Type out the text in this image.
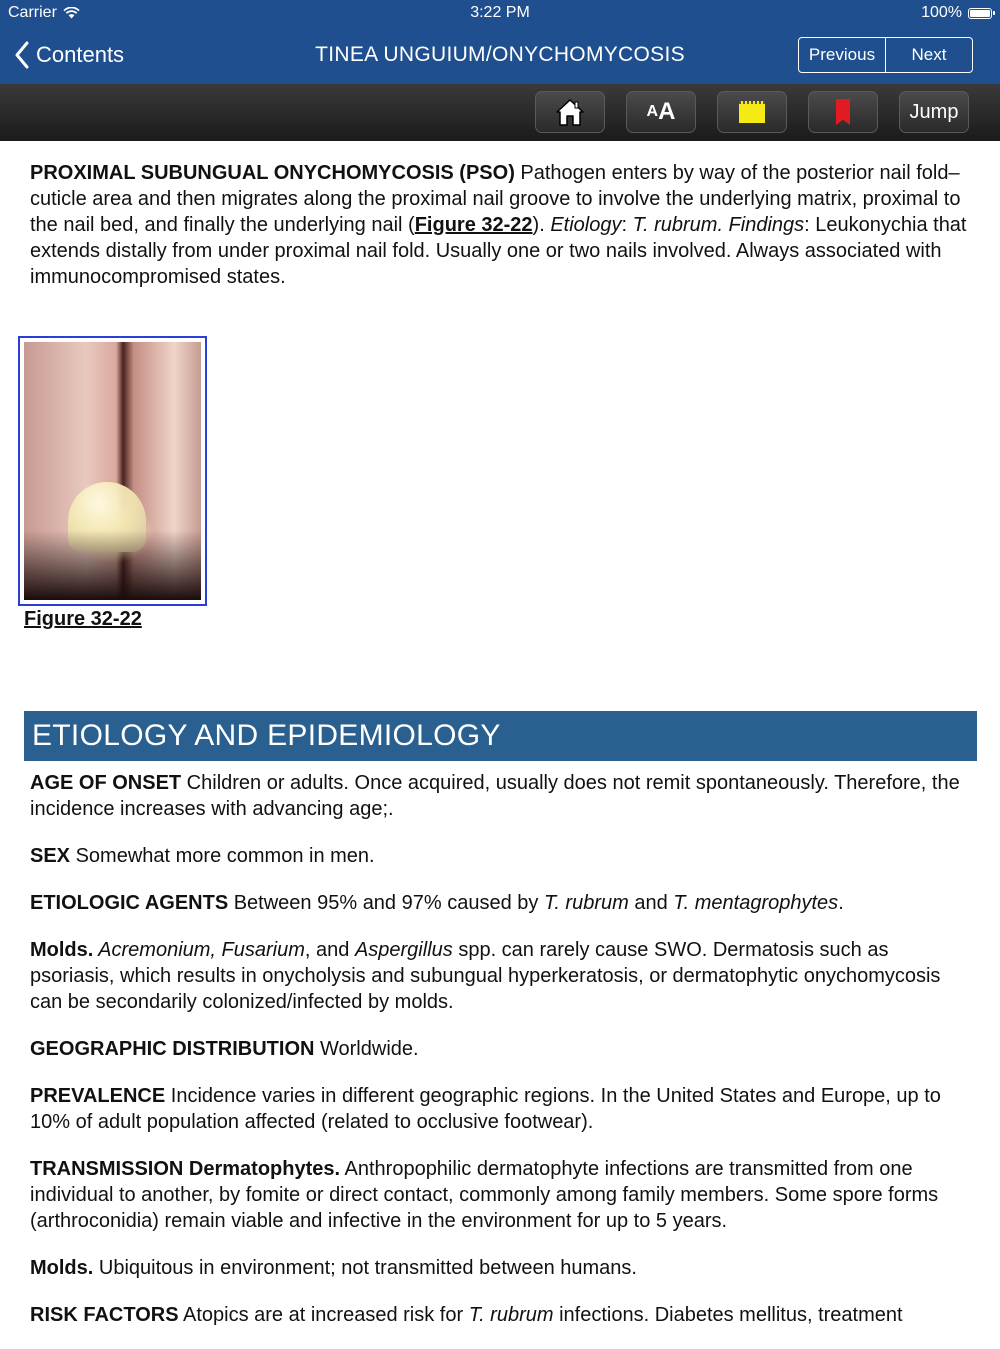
Carrier	3:22 PM	100%
Contents	TINEA UNGUIUM/ONYCHOMYCOSIS	Previous	Next
A A	Jump

PROXIMAL SUBUNGUAL ONYCHOMYCOSIS (PSO) Pathogen enters by way of the posterior nail fold–cuticle area and then migrates along the proximal nail groove to involve the underlying matrix, proximal to the nail bed, and finally the underlying nail (Figure 32-22). Etiology: T. rubrum. Findings: Leukonychia that extends distally from under proximal nail fold. Usually one or two nails involved. Always associated with immunocompromised states.

Figure 32-22
ETIOLOGY AND EPIDEMIOLOGY

AGE OF ONSET Children or adults. Once acquired, usually does not remit spontaneously. Therefore, the incidence increases with advancing age;.

SEX Somewhat more common in men.

ETIOLOGIC AGENTS Between 95% and 97% caused by T. rubrum and T. mentagrophytes.

Molds. Acremonium, Fusarium, and Aspergillus spp. can rarely cause SWO. Dermatosis such as psoriasis, which results in onycholysis and subungual hyperkeratosis, or dermatophytic onychomycosis can be secondarily colonized/infected by molds.

GEOGRAPHIC DISTRIBUTION Worldwide.

PREVALENCE Incidence varies in different geographic regions. In the United States and Europe, up to 10% of adult population affected (related to occlusive footwear).

TRANSMISSION Dermatophytes. Anthropophilic dermatophyte infections are transmitted from one individual to another, by fomite or direct contact, commonly among family members. Some spore forms (arthroconidia) remain viable and infective in the environment for up to 5 years.

Molds. Ubiquitous in environment; not transmitted between humans.

RISK FACTORS Atopics are at increased risk for T. rubrum infections. Diabetes mellitus, treatment
